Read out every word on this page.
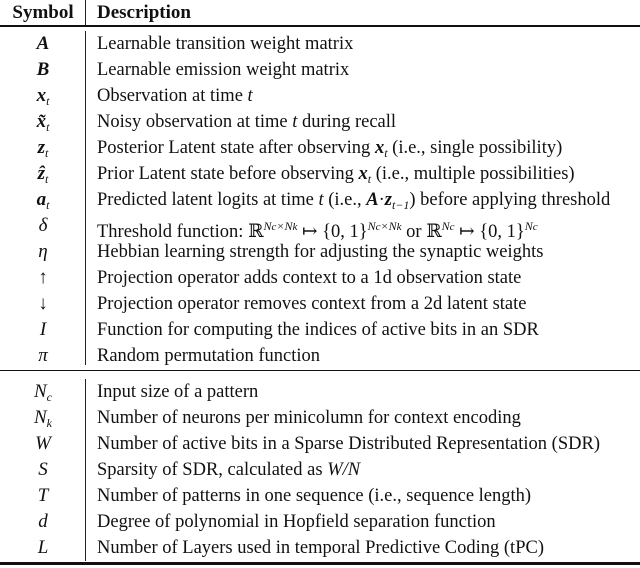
Symbol	Description
A	Learnable transition weight matrix
B	Learnable emission weight matrix
$x_t$	Observation at time t
$x̃_t$	Noisy observation at time t during recall
$z_t$	Posterior Latent state after observing $x_t$ (i.e., single possibility)
ẑ$_t$	Prior Latent state before observing $x_t$ (i.e., multiple possibilities)
$a_t$	Predicted latent logits at time t (i.e., $A\cdot z_{t-1}$) before applying threshold
δ	Threshold function: ℝ$^{Nc\times Nk}$ ↦ {0, 1}$^{Nc\times Nk}$ or ℝ$^{Nc}$ ↦ {0, 1}$^{Nc}$
η	Hebbian learning strength for adjusting the synaptic weights
↑	Projection operator adds context to a 1d observation state
↓	Projection operator removes context from a 2d latent state
I	Function for computing the indices of active bits in an SDR
π	Random permutation function
$N_c$	Input size of a pattern
$N_k$	Number of neurons per minicolumn for context encoding
W	Number of active bits in a Sparse Distributed Representation (SDR)
S	Sparsity of SDR, calculated as W/N
T	Number of patterns in one sequence (i.e., sequence length)
d	Degree of polynomial in Hopfield separation function
L	Number of Layers used in temporal Predictive Coding (tPC)
